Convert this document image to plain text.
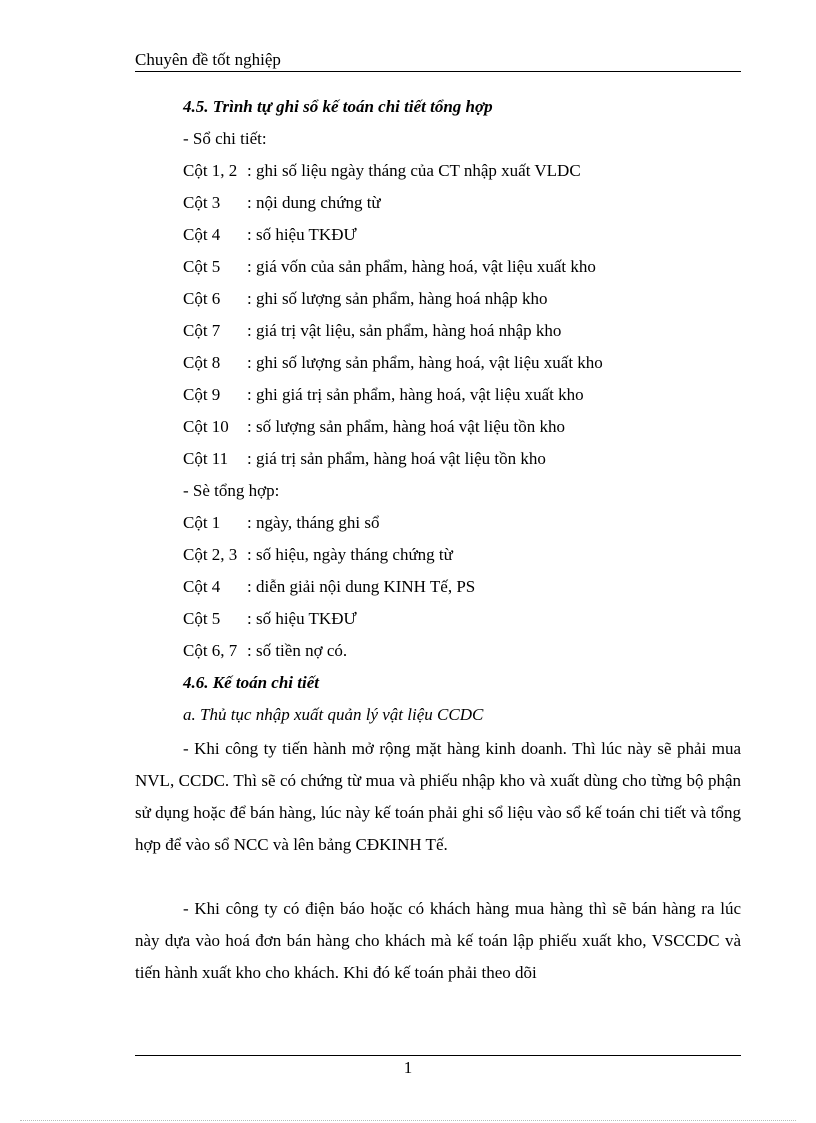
Chuyên đề tốt nghiệp
4.5. Trình tự ghi sổ kế toán chi tiết tổng hợp
- Sổ chi tiết:
Cột 1, 2 : ghi số liệu ngày tháng của CT nhập xuất VLDC
Cột 3 : nội dung chứng từ
Cột 4 : số hiệu TKĐƯ
Cột 5 : giá vốn của sản phẩm, hàng hoá, vật liệu xuất kho
Cột 6 : ghi số lượng sản phẩm, hàng hoá nhập kho
Cột 7 : giá trị vật liệu, sản phẩm, hàng hoá nhập kho
Cột 8 : ghi số lượng sản phẩm, hàng hoá, vật liệu xuất kho
Cột 9 : ghi giá trị sản phẩm, hàng hoá, vật liệu xuất kho
Cột 10 : số lượng sản phẩm, hàng hoá vật liệu tồn kho
Cột 11 : giá trị sản phẩm, hàng hoá vật liệu tồn kho
- Sè tổng hợp:
Cột 1 : ngày, tháng ghi sổ
Cột 2, 3 : số hiệu, ngày tháng chứng từ
Cột 4 : diễn giải nội dung KINH Tế, PS
Cột 5 : số hiệu TKĐƯ
Cột 6, 7 : số tiền nợ có.
4.6. Kế toán chi tiết
a. Thủ tục nhập xuất quản lý vật liệu CCDC
- Khi công ty tiến hành mở rộng mặt hàng kinh doanh. Thì lúc này sẽ phải mua NVL, CCDC. Thì sẽ có chứng từ mua và phiếu nhập kho và xuất dùng cho từng bộ phận sử dụng hoặc để bán hàng, lúc này kế toán phải ghi sổ liệu vào sổ kế toán chi tiết và tổng hợp để vào sổ NCC và lên bảng CĐKINH Tế.
- Khi công ty có điện báo hoặc có khách hàng mua hàng thì sẽ bán hàng ra lúc này dựa vào hoá đơn bán hàng cho khách mà kế toán lập phiếu xuất kho, VSCCDC và tiến hành xuất kho cho khách. Khi đó kế toán phải theo dõi
1
